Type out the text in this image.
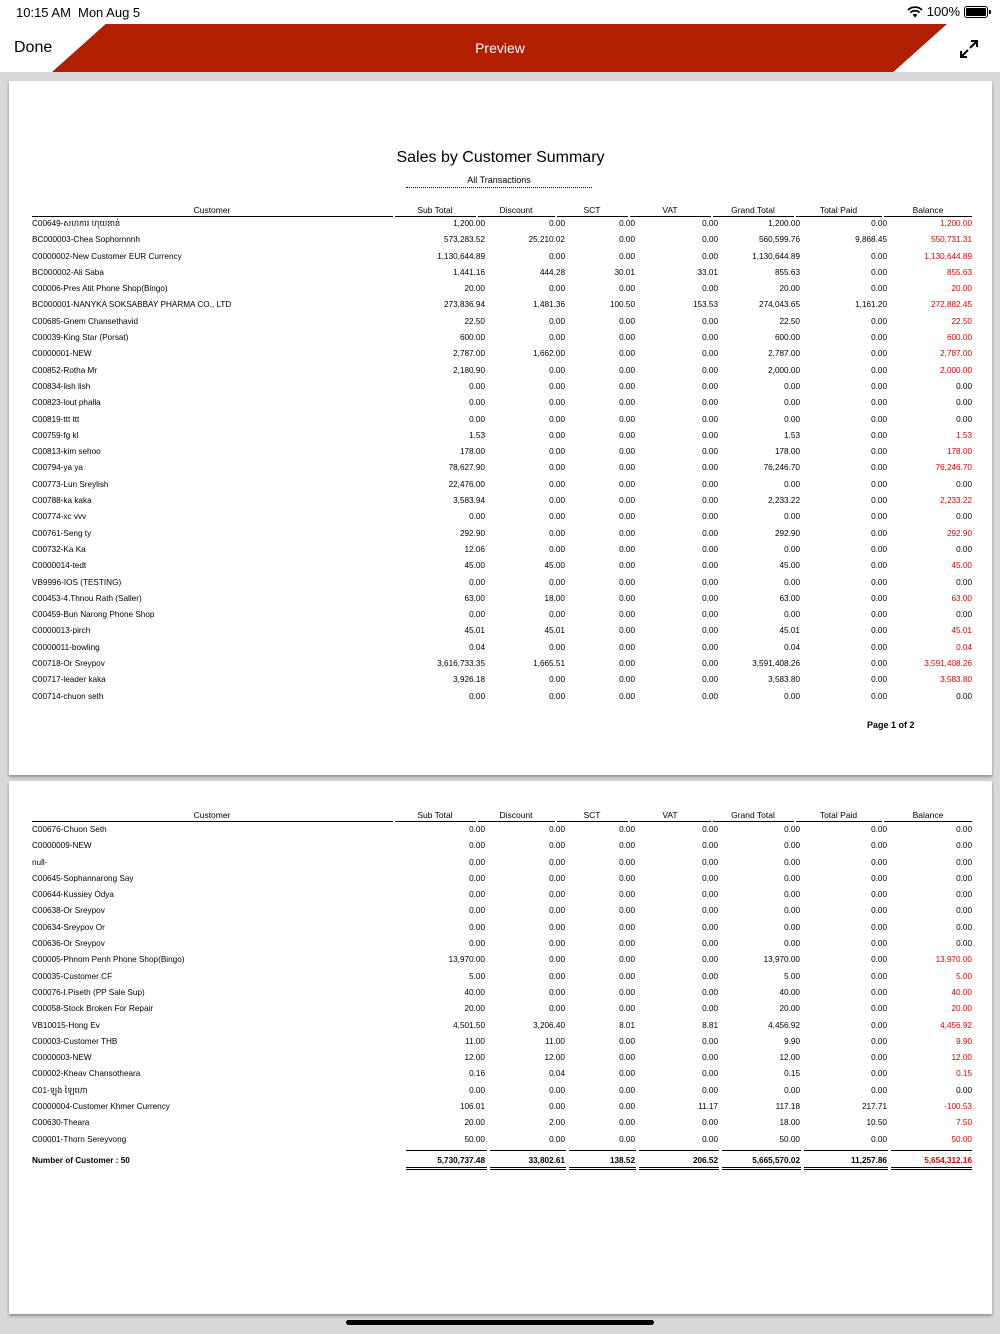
10:15 AM Mon Aug 5	100%
Done	Preview
Sales by Customer Summary
All Transactions
Customer	Sub Total	Discount	SCT	VAT	Grand Total	Total Paid	Balance
C00649-សហការ ហុយនាន់	1,200.00	0.00	0.00	0.00	1,200.00	0.00	1,200.00
BC000003-Chea Sophornnnh	573,283.52	25,210.02	0.00	0.00	560,599.76	9,868.45	550,731.31
C0000002-New Customer EUR Currency	1,130,644.89	0.00	0.00	0.00	1,130,644.89	0.00	1,130,644.89
BC000002-Ali Saba	1,441.16	444.28	30.01	33.01	855.63	0.00	855.63
C00006-Pres Atit Phone Shop(Bingo)	20.00	0.00	0.00	0.00	20.00	0.00	20.00
BC000001-NANYKA SOKSABBAY PHARMA CO., LTD	273,836.94	1,481.36	100.50	153.53	274,043.65	1,161.20	272,882.45
C00685-Gnem Chansethavid	22.50	0.00	0.00	0.00	22.50	0.00	22.50
C00039-King Star (Porsat)	600.00	0.00	0.00	0.00	600.00	0.00	600.00
C0000001-NEW	2,787.00	1,662.00	0.00	0.00	2,787.00	0.00	2,787.00
C00852-Rotha Mr	2,180.90	0.00	0.00	0.00	2,000.00	0.00	2,000.00
C00834-lish lish	0.00	0.00	0.00	0.00	0.00	0.00	0.00
C00823-lout phalla	0.00	0.00	0.00	0.00	0.00	0.00	0.00
C00819-ttt ttt	0.00	0.00	0.00	0.00	0.00	0.00	0.00
C00759-fg kl	1.53	0.00	0.00	0.00	1.53	0.00	1.53
C00813-kim sehoo	178.00	0.00	0.00	0.00	178.00	0.00	178.00
C00794-ya ya	78,627.90	0.00	0.00	0.00	76,246.70	0.00	76,246.70
C00773-Lun Sreylish	22,476.00	0.00	0.00	0.00	0.00	0.00	0.00
C00788-ka kaka	3,583.94	0.00	0.00	0.00	2,233.22	0.00	2,233.22
C00774-xc vvv	0.00	0.00	0.00	0.00	0.00	0.00	0.00
C00761-Seng ty	292.90	0.00	0.00	0.00	292.90	0.00	292.90
C00732-Ka Ka	12.06	0.00	0.00	0.00	0.00	0.00	0.00
C0000014-tedt	45.00	45.00	0.00	0.00	45.00	0.00	45.00
VB9996-IOS (TESTING)	0.00	0.00	0.00	0.00	0.00	0.00	0.00
C00453-4.Thnou Rath (Saller)	63.00	18.00	0.00	0.00	63.00	0.00	63.00
C00459-Bun Narong Phone Shop	0.00	0.00	0.00	0.00	0.00	0.00	0.00
C0000013-pirch	45.01	45.01	0.00	0.00	45.01	0.00	45.01
C0000011-bowling	0.04	0.00	0.00	0.00	0.04	0.00	0.04
C00718-Or Sreypov	3,616,733.35	1,665.51	0.00	0.00	3,591,408.26	0.00	3,591,408.26
C00717-leader kaka	3,926.18	0.00	0.00	0.00	3,583.80	0.00	3,583.80
C00714-chuon seth	0.00	0.00	0.00	0.00	0.00	0.00	0.00
Page 1 of 2
Customer	Sub Total	Discount	SCT	VAT	Grand Total	Total Paid	Balance
C00676-Chuon Seth	0.00	0.00	0.00	0.00	0.00	0.00	0.00
C0000009-NEW	0.00	0.00	0.00	0.00	0.00	0.00	0.00
null-	0.00	0.00	0.00	0.00	0.00	0.00	0.00
C00645-Sophannarong Say	0.00	0.00	0.00	0.00	0.00	0.00	0.00
C00644-Kussiey Odya	0.00	0.00	0.00	0.00	0.00	0.00	0.00
C00638-Or Sreypov	0.00	0.00	0.00	0.00	0.00	0.00	0.00
C00634-Sreypov Or	0.00	0.00	0.00	0.00	0.00	0.00	0.00
C00636-Or Sreypov	0.00	0.00	0.00	0.00	0.00	0.00	0.00
C00005-Phnom Penh Phone Shop(Bingo)	13,970.00	0.00	0.00	0.00	13,970.00	0.00	13,970.00
C00035-Customer CF	5.00	0.00	0.00	0.00	5.00	0.00	5.00
C00076-I.Piseth (PP Sale Sup)	40.00	0.00	0.00	0.00	40.00	0.00	40.00
C00058-Stock Broken For Repair	20.00	0.00	0.00	0.00	20.00	0.00	20.00
VB10015-Hong Ev	4,501.50	3,206.40	8.01	8.81	4,456.92	0.00	4,456.92
C00003-Customer THB	11.00	11.00	0.00	0.00	9.90	0.00	9.90
C0000003-NEW	12.00	12.00	0.00	0.00	12.00	0.00	12.00
C00002-Kheav Chansotheara	0.16	0.04	0.00	0.00	0.15	0.00	0.15
C01-ឡុង ឡៃហោ	0.00	0.00	0.00	0.00	0.00	0.00	0.00
C0000004-Customer Khmer Currency	106.01	0.00	0.00	11.17	117.18	217.71	-100.53
C00630-Theara	20.00	2.00	0.00	0.00	18.00	10.50	7.50
C00001-Thorn Sereyvong	50.00	0.00	0.00	0.00	50.00	0.00	50.00
Number of Customer : 50	5,730,737.48	33,802.61	138.52	206.52	5,665,570.02	11,257.86	5,654,312.16
